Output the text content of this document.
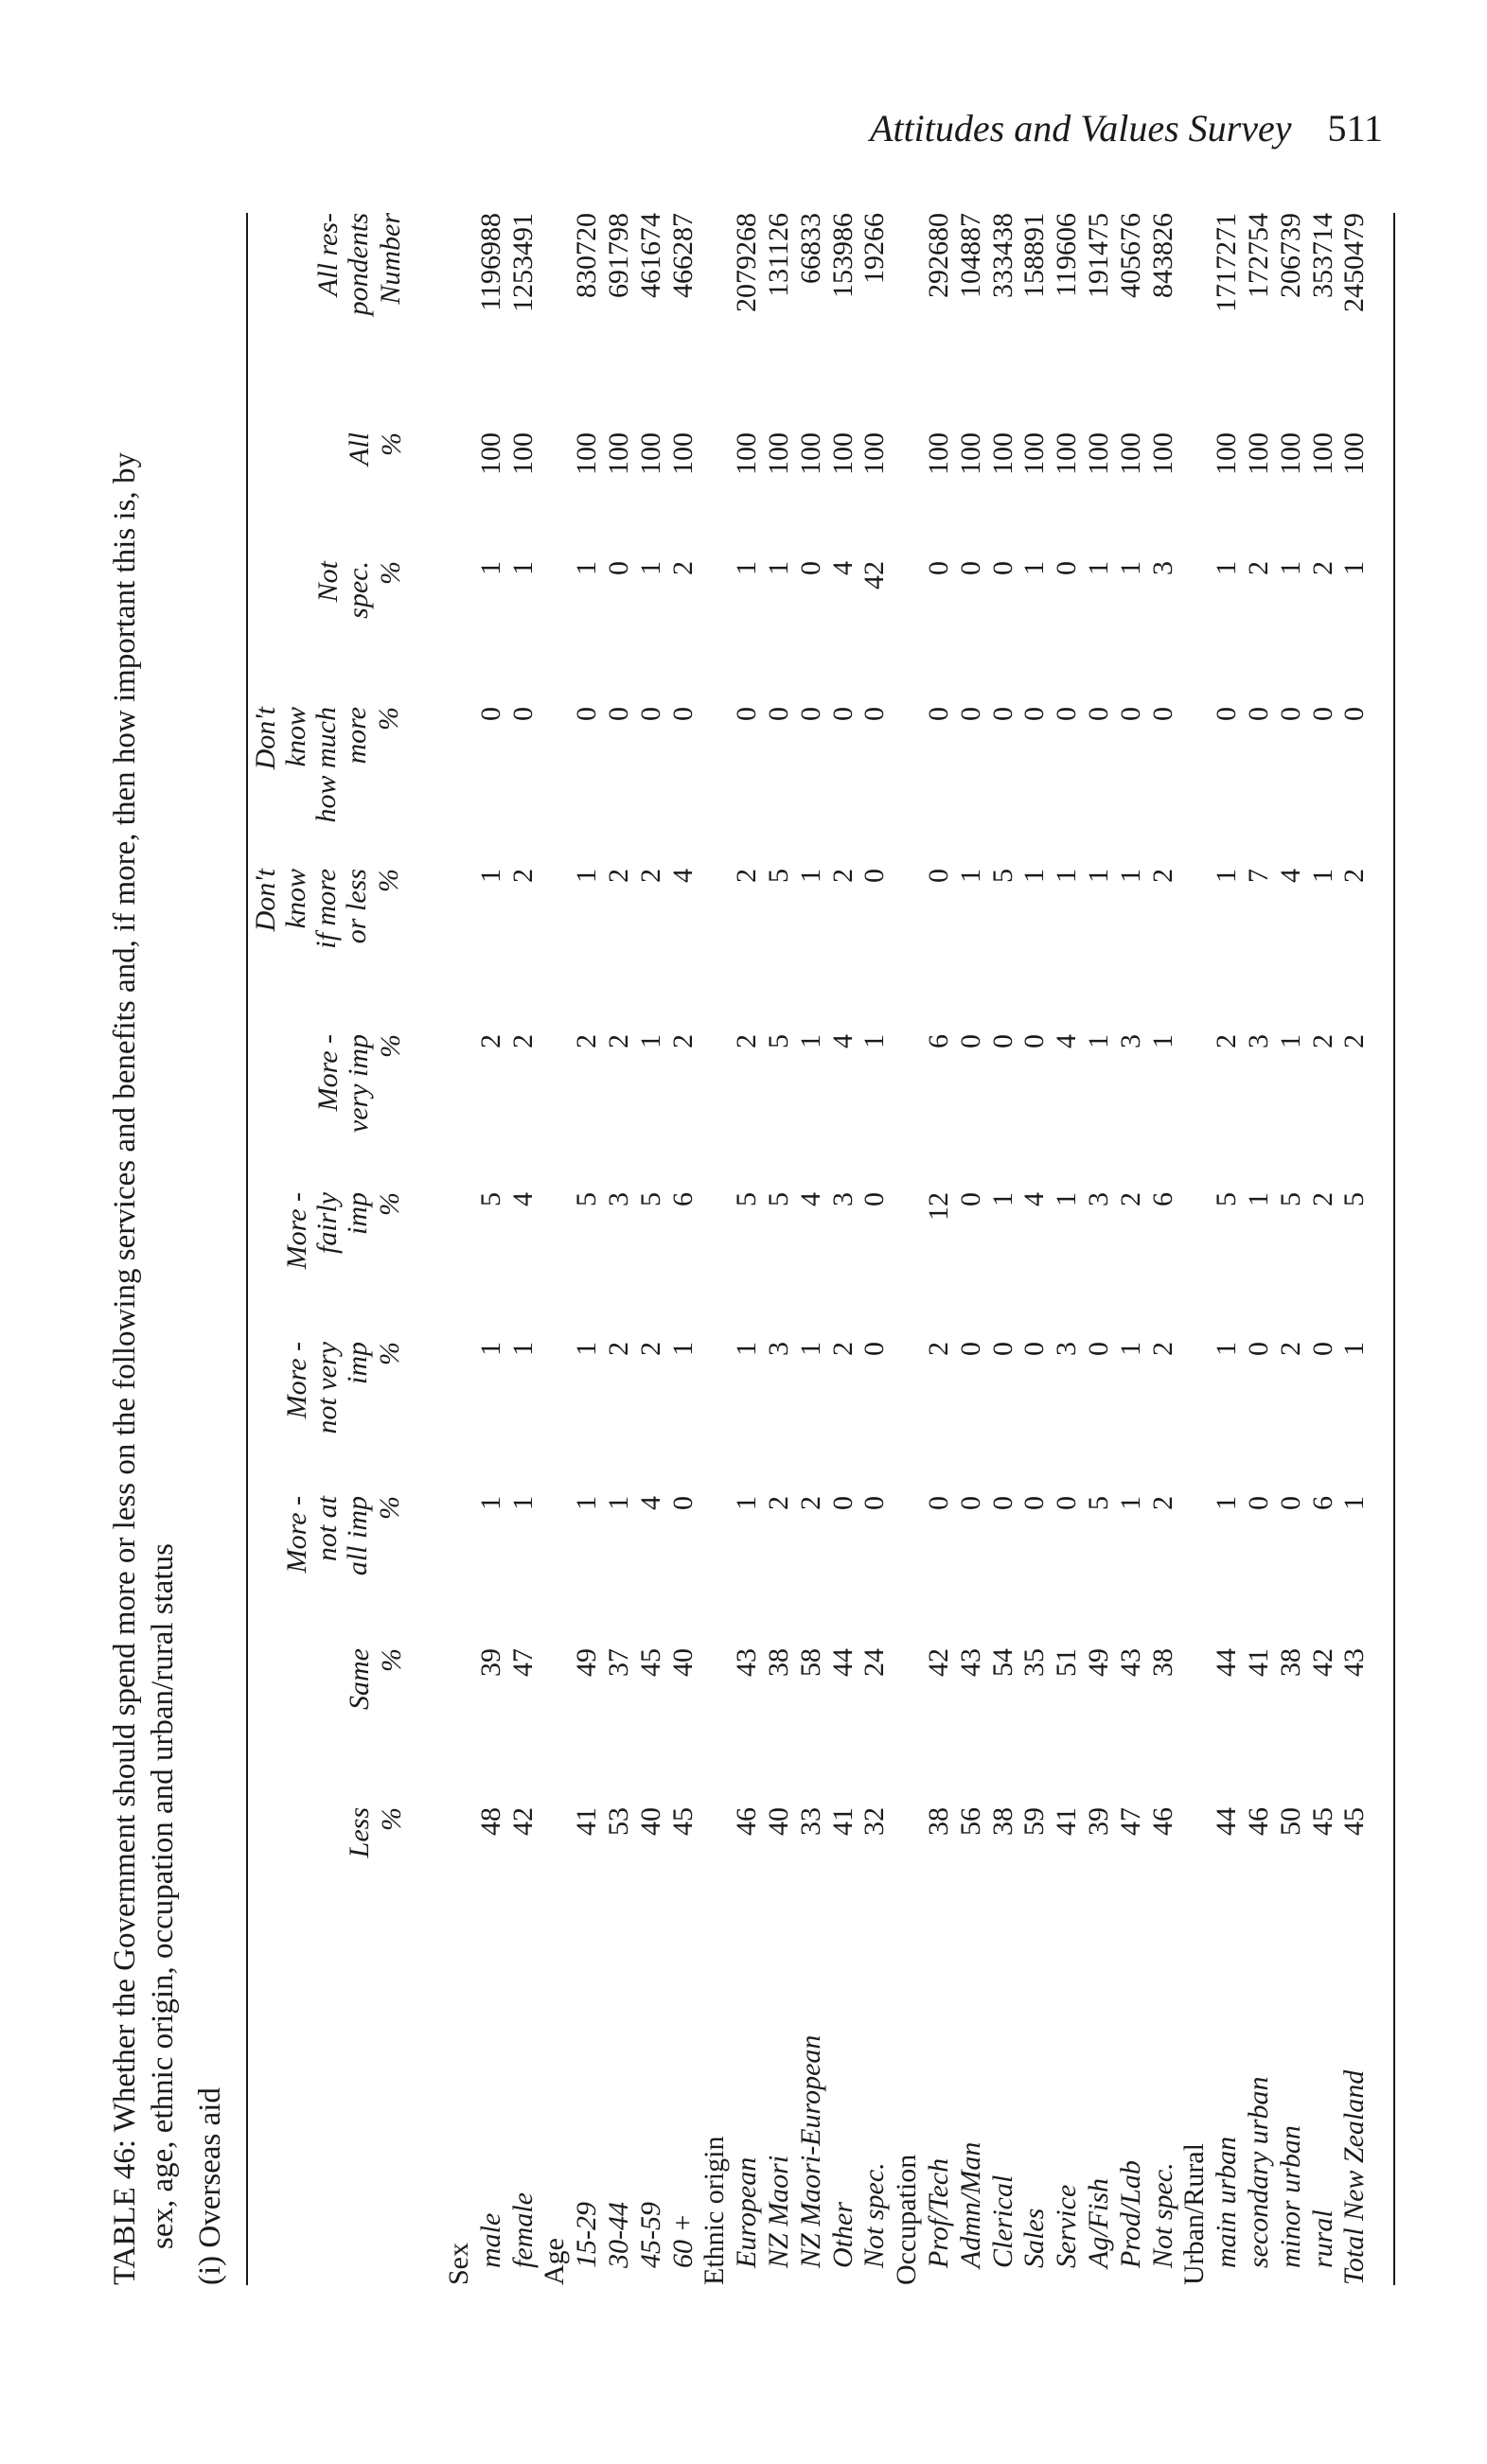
Attitudes and Values Survey 511
TABLE 46: Whether the Government should spend more or less on the following services and benefits and, if more, then how important this is, by sex, age, ethnic origin, occupation and urban/rural status (i) Overseas aid
Less %
Same %
More - not at all imp %
More - not very imp %
More - fairly imp %
More - very imp %
Don't know if more or less %
Don't know how much more %
Not spec. %
All %
All res- pondents Number
Sex male
48
39
1
1
5
2
1
0
1
100
1196988
female
42
47
1
1
4
2
2
0
1
100
1253491
Age 15-29
41
49
1
1
5
2
1
0
1
100
830720
30-44
53
37
1
2
3
2
2
0
0
100
691798
45-59
40
45
4
2
5
1
2
0
1
100
461674
60 +
45
40
0
1
6
2
4
0
2
100
466287
Ethnic origin European
46
43
1
1
5
2
2
0
1
100
2079268
NZ Maori
40
38
2
3
5
5
5
0
1
100
131126
NZ Maori-European
33
58
2
1
4
1
1
0
0
100
66833
Other
41
44
0
2
3
4
2
0
4
100
153986
Not spec.
32
24
0
0
0
1
0
0
42
100
19266
Occupation Prof/Tech
38
42
0
2
12
6
0
0
0
100
292680
Admn/Man
56
43
0
0
0
0
1
0
0
100
104887
Clerical
38
54
0
0
1
0
5
0
0
100
333438
Sales
59
35
0
0
4
0
1
0
1
100
158891
Service
41
51
0
3
1
4
1
0
0
100
119606
Ag/Fish
39
49
5
0
3
1
1
0
1
100
191475
Prod/Lab
47
43
1
1
2
3
1
0
1
100
405676
Not spec.
46
38
2
2
6
1
2
0
3
100
843826
Urban/Rural main urban
44
44
1
1
5
2
1
0
1
100
1717271
secondary urban
46
41
0
0
1
3
7
0
2
100
172754
minor urban
50
38
0
2
5
1
4
0
1
100
206739
rural
45
42
6
0
2
2
1
0
2
100
353714
Total New Zealand
45
43
1
1
5
2
2
0
1
100
2450479
